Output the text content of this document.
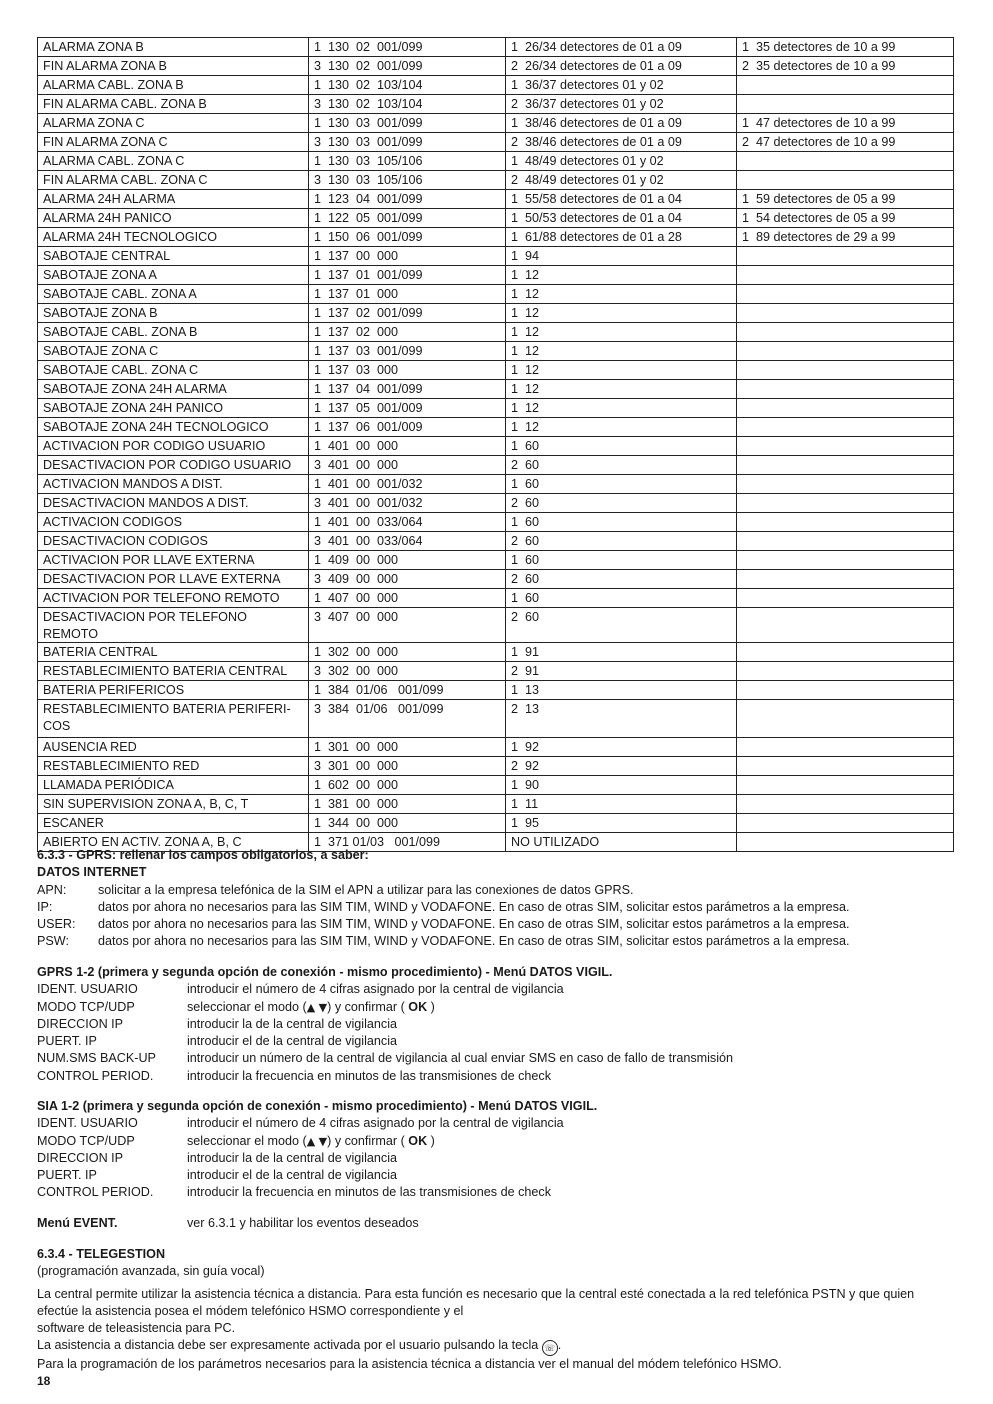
ALARMA ZONA B	1  130  02  001/099	1  26/34 detectores de 01 a 09	1  35 detectores de 10 a 99
FIN ALARMA ZONA B	3  130  02  001/099	2  26/34 detectores de 01 a 09	2  35 detectores de 10 a 99
ALARMA CABL. ZONA B	1  130  02  103/104	1  36/37 detectores 01 y 02	
FIN ALARMA CABL. ZONA B	3  130  02  103/104	2  36/37 detectores 01 y 02	
ALARMA ZONA C	1  130  03  001/099	1  38/46 detectores de 01 a 09	1  47 detectores de 10 a 99
FIN ALARMA ZONA C	3  130  03  001/099	2  38/46 detectores de 01 a 09	2  47 detectores de 10 a 99
ALARMA CABL. ZONA C	1  130  03  105/106	1  48/49 detectores 01 y 02	
FIN ALARMA CABL. ZONA C	3  130  03  105/106	2  48/49 detectores 01 y 02	
ALARMA 24H ALARMA	1  123  04  001/099	1  55/58 detectores de 01 a 04	1  59 detectores de 05 a 99
ALARMA 24H PANICO	1  122  05  001/099	1  50/53 detectores de 01 a 04	1  54 detectores de 05 a 99
ALARMA 24H TECNOLOGICO	1  150  06  001/099	1  61/88 detectores de 01 a 28	1  89 detectores de 29 a 99
SABOTAJE CENTRAL	1  137  00  000	1  94	
SABOTAJE ZONA A	1  137  01  001/099	1  12	
SABOTAJE CABL. ZONA A	1  137  01  000	1  12	
SABOTAJE ZONA B	1  137  02  001/099	1  12	
SABOTAJE CABL. ZONA B	1  137  02  000	1  12	
SABOTAJE ZONA C	1  137  03  001/099	1  12	
SABOTAJE CABL. ZONA C	1  137  03  000	1  12	
SABOTAJE ZONA 24H ALARMA	1  137  04  001/099	1  12	
SABOTAJE ZONA 24H PANICO	1  137  05  001/009	1  12	
SABOTAJE ZONA 24H TECNOLOGICO	1  137  06  001/009	1  12	
ACTIVACION POR CODIGO USUARIO	1  401  00  000	1  60	
DESACTIVACION POR CODIGO USUARIO	3  401  00  000	2  60	
ACTIVACION MANDOS A DIST.	1  401  00  001/032	1  60	
DESACTIVACION MANDOS A DIST.	3  401  00  001/032	2  60	
ACTIVACION CODIGOS	1  401  00  033/064	1  60	
DESACTIVACION CODIGOS	3  401  00  033/064	2  60	
ACTIVACION POR LLAVE EXTERNA	1  409  00  000	1  60	
DESACTIVACION POR LLAVE EXTERNA	3  409  00  000	2  60	
ACTIVACION POR TELEFONO REMOTO	1  407  00  000	1  60	
DESACTIVACION POR TELEFONO REMOTO	3  407  00  000	2  60	
BATERIA CENTRAL	1  302  00  000	1  91	
RESTABLECIMIENTO BATERIA CENTRAL	3  302  00  000	2  91	
BATERIA PERIFERICOS	1  384  01/06   001/099	1  13	
RESTABLECIMIENTO BATERIA PERIFERI-COS	3  384  01/06   001/099	2  13	
AUSENCIA RED	1  301  00  000	1  92	
RESTABLECIMIENTO RED	3  301  00  000	2  92	
LLAMADA PERIÓDICA	1  602  00  000	1  90	
SIN SUPERVISION ZONA A, B, C, T	1  381  00  000	1  11	
ESCANER	1  344  00  000	1  95	
ABIERTO EN ACTIV. ZONA A, B, C	1  371 01/03   001/099	NO UTILIZADO	
6.3.3 - GPRS: rellenar los campos obligatorios, a saber:
DATOS INTERNET
APN:	solicitar a la empresa telefónica de la SIM el APN a utilizar para las conexiones de datos GPRS.
IP:	datos por ahora no necesarios para las SIM TIM, WIND y VODAFONE. En caso de otras SIM, solicitar estos parámetros a la empresa.
USER:	datos por ahora no necesarios para las SIM TIM, WIND y VODAFONE. En caso de otras SIM, solicitar estos parámetros a la empresa.
PSW:	datos por ahora no necesarios para las SIM TIM, WIND y VODAFONE. En caso de otras SIM, solicitar estos parámetros a la empresa.
GPRS 1-2 (primera y segunda opción de conexión - mismo procedimiento) - Menú DATOS VIGIL.
IDENT. USUARIO	introducir el número de 4 cifras asignado por la central de vigilancia
MODO TCP/UDP	seleccionar el modo (▲ ▼) y confirmar ( OK )
DIRECCION IP	introducir la de la central de vigilancia
PUERT. IP	introducir el de la central de vigilancia
NUM.SMS BACK-UP	introducir un número de la central de vigilancia al cual enviar SMS en caso de fallo de transmisión
CONTROL PERIOD.	introducir la frecuencia en minutos de las transmisiones de check
SIA 1-2 (primera y segunda opción de conexión - mismo procedimiento) - Menú DATOS VIGIL.
IDENT. USUARIO	introducir el número de 4 cifras asignado por la central de vigilancia
MODO TCP/UDP	seleccionar el modo (▲ ▼) y confirmar ( OK )
DIRECCION IP	introducir la de la central de vigilancia
PUERT. IP	introducir el de la central de vigilancia
CONTROL PERIOD.	introducir la frecuencia en minutos de las transmisiones de check
Menú EVENT.	ver 6.3.1 y habilitar los eventos deseados
6.3.4 - TELEGESTION
(programación avanzada, sin guía vocal)
La central permite utilizar la asistencia técnica a distancia. Para esta función es necesario que la central esté conectada a la red telefónica PSTN y que quien efectúe la asistencia posea el módem telefónico HSMO correspondiente y el
software de teleasistencia para PC.
La asistencia a distancia debe ser expresamente activada por el usuario pulsando la tecla ☏ .
Para la programación de los parámetros necesarios para la asistencia técnica a distancia ver el manual del módem telefónico HSMO.
18
